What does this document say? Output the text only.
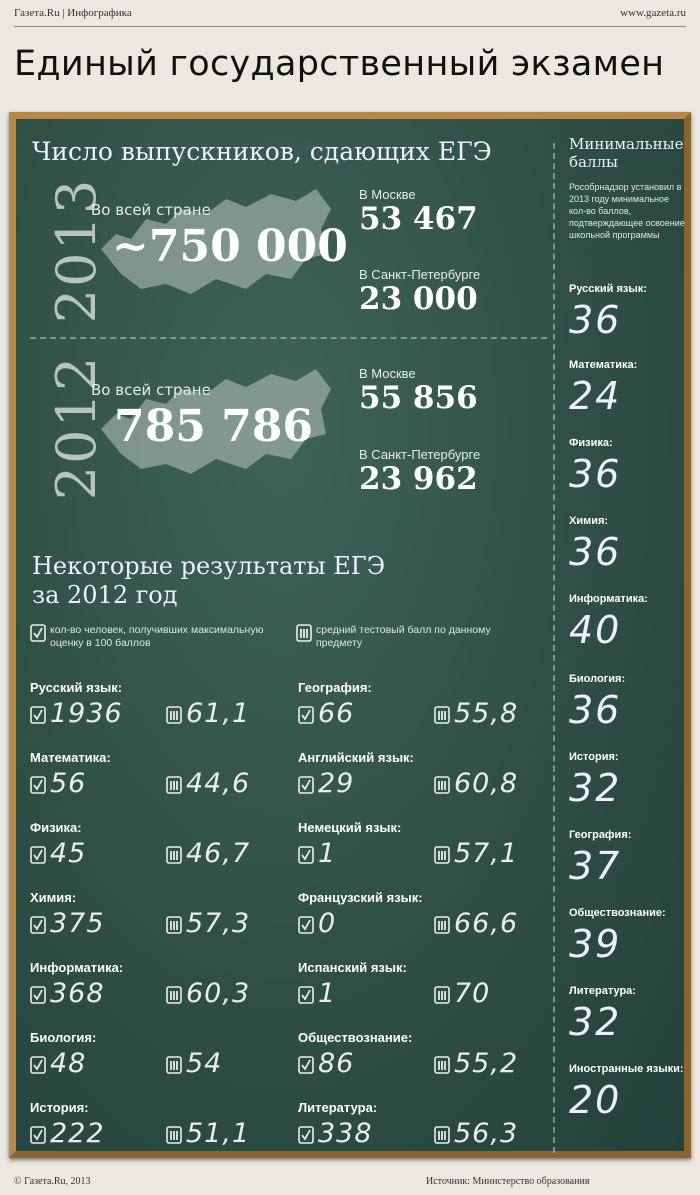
Газета.Ru | Инфографика	www.gazeta.ru
Единый государственный экзамен
Число выпускников, сдающих ЕГЭ
2013
Во всей стране
~750 000
В Москве
53 467
В Санкт-Петербурге
23 000
2012
Во всей стране
785 786
В Москве
55 856
В Санкт-Петербурге
23 962
Некоторые результаты ЕГЭ
за 2012 год
кол-во человек, получивших максимальную оценку в 100 баллов
средний тестовый балл по данному предмету
Русский язык:
1936 61,1
Математика:
56	44,6
Физика:
45	46,7
Химия:
375	57,3
Информатика:
368	60,3
Биология:
48	54
История:
222	51,1
География:
66	55,8
Английский язык:
29	60,8
Немецкий язык:
1	57,1
Французский язык:
0	66,6
Испанский язык:
1	70
Обществознание:
86	55,2
Литература:
338	56,3
Минимальные
баллы
Рособрнадзор установил в 2013 году минимальное кол-во баллов, подтверждающее освоение школьной программы
Русский язык:
36
Математика:
24
Физика:
36
Химия:
36
Информатика:
40
Биология:
36
История:
32
География:
37
Обществознание:
39
Литература:
32
Иностранные языки:
20
© Газета.Ru, 2013	Источник: Министерство образования
